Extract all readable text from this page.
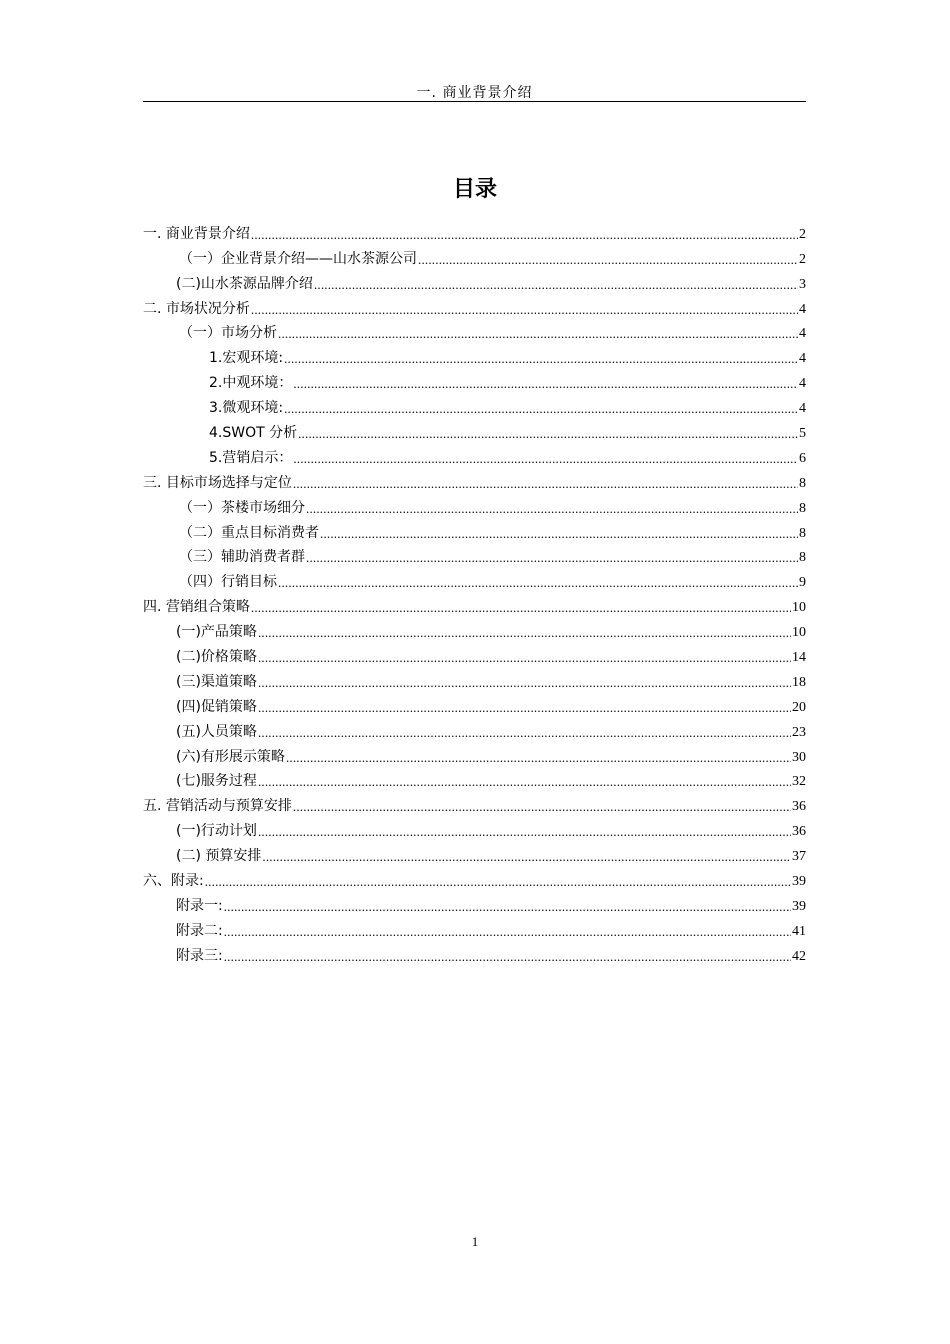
一. 商业背景介绍
目录
一. 商业背景介绍 .....	2
（一）企业背景介绍——山水茶源公司 .....	2
(二)山水茶源品牌介绍 .....	3
二. 市场状况分析 .....	4
（一）市场分析 .....	4
1.宏观环境: .....	4
2.中观环境： .....	4
3.微观环境: .....	4
4.SWOT 分析 .....	5
5.营销启示： .....	6
三. 目标市场选择与定位 .....	8
（一）茶楼市场细分 .....	8
（二）重点目标消费者 .....	8
（三）辅助消费者群 .....	8
（四）行销目标 .....	9
四. 营销组合策略 .....	10
(一)产品策略 .....	10
(二)价格策略 .....	14
(三)渠道策略 .....	18
(四)促销策略 .....	20
(五)人员策略 .....	23
(六)有形展示策略 .....	30
(七)服务过程 .....	32
五. 营销活动与预算安排 .....	36
(一)行动计划 .....	36
(二) 预算安排 .....	37
六、附录: .....	39
附录一: .....	39
附录二: .....	41
附录三: .....	42
1
